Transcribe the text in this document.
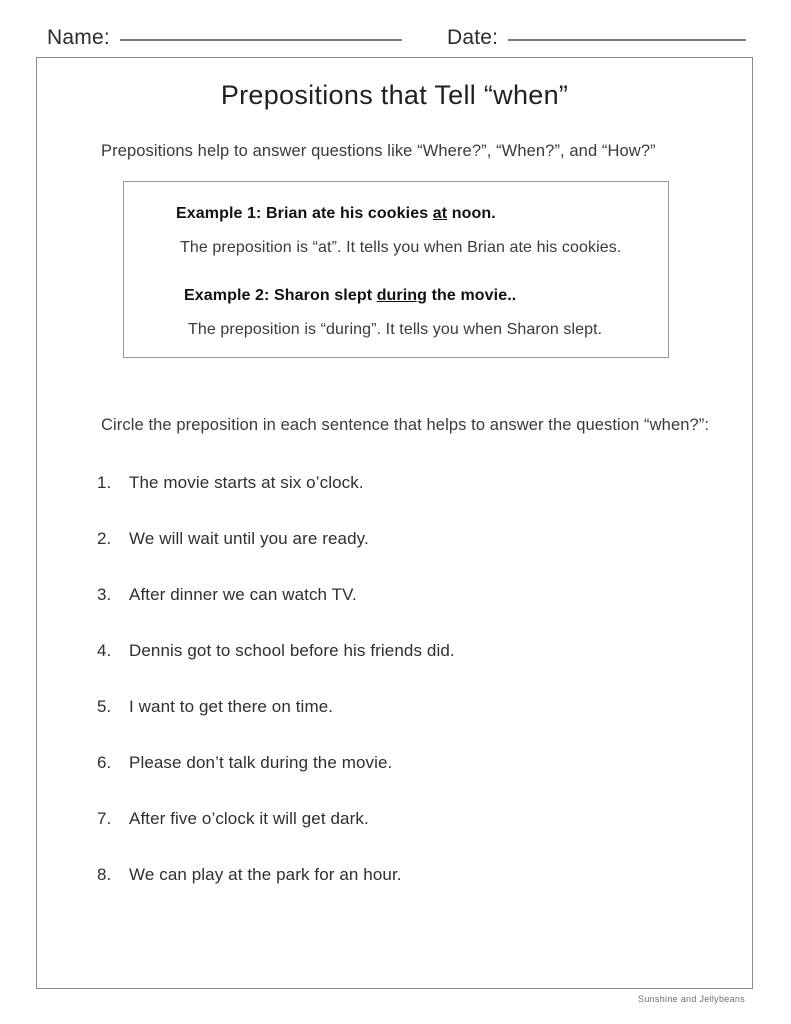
Name:	Date:
Prepositions that Tell “when”
Prepositions help to answer questions like “Where?”, “When?”, and “How?”
Example 1: Brian ate his cookies at noon.
The preposition is “at”. It tells you when Brian ate his cookies.
Example 2: Sharon slept during the movie..
The preposition is “during”. It tells you when Sharon slept.
Circle the preposition in each sentence that helps to answer the question “when?”:
1.	The movie starts at six o’clock.
2.	We will wait until you are ready.
3.	After dinner we can watch TV.
4.	Dennis got to school before his friends did.
5.	I want to get there on time.
6.	Please don’t talk during the movie.
7.	After five o’clock it will get dark.
8.	We can play at the park for an hour.
Sunshine and Jellybeans
